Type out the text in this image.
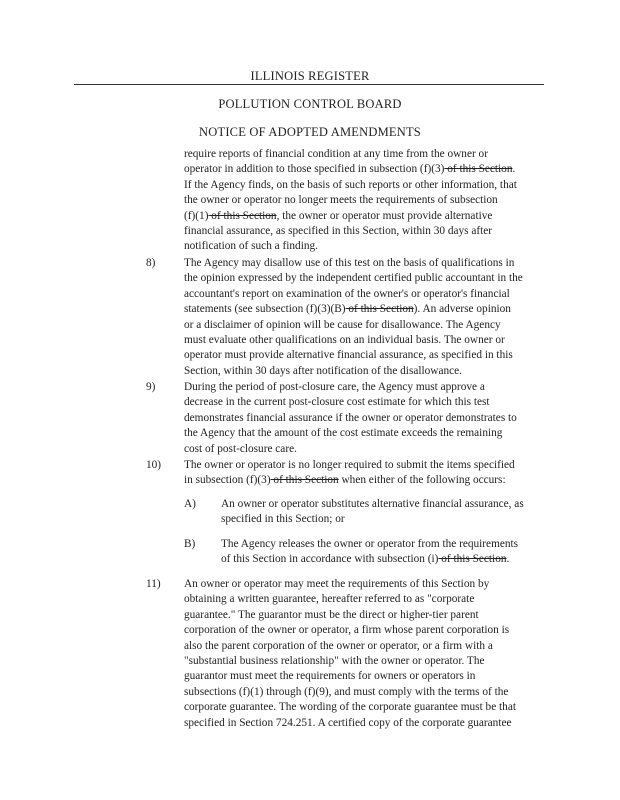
ILLINOIS REGISTER
POLLUTION CONTROL BOARD
NOTICE OF ADOPTED AMENDMENTS
require reports of financial condition at any time from the owner or
operator in addition to those specified in subsection (f)(3) of this Section.
If the Agency finds, on the basis of such reports or other information, that
the owner or operator no longer meets the requirements of subsection
(f)(1) of this Section, the owner or operator must provide alternative
financial assurance, as specified in this Section, within 30 days after
notification of such a finding.
8)	The Agency may disallow use of this test on the basis of qualifications in
the opinion expressed by the independent certified public accountant in the
accountant's report on examination of the owner's or operator's financial
statements (see subsection (f)(3)(B) of this Section). An adverse opinion
or a disclaimer of opinion will be cause for disallowance. The Agency
must evaluate other qualifications on an individual basis. The owner or
operator must provide alternative financial assurance, as specified in this
Section, within 30 days after notification of the disallowance.
9)	During the period of post-closure care, the Agency must approve a
decrease in the current post-closure cost estimate for which this test
demonstrates financial assurance if the owner or operator demonstrates to
the Agency that the amount of the cost estimate exceeds the remaining
cost of post-closure care.
10) The owner or operator is no longer required to submit the items specified
in subsection (f)(3) of this Section when either of the following occurs:
A) An owner or operator substitutes alternative financial assurance, as
specified in this Section; or
B) The Agency releases the owner or operator from the requirements
of this Section in accordance with subsection (i) of this Section.
11) An owner or operator may meet the requirements of this Section by
obtaining a written guarantee, hereafter referred to as "corporate
guarantee." The guarantor must be the direct or higher-tier parent
corporation of the owner or operator, a firm whose parent corporation is
also the parent corporation of the owner or operator, or a firm with a
"substantial business relationship" with the owner or operator. The
guarantor must meet the requirements for owners or operators in
subsections (f)(1) through (f)(9), and must comply with the terms of the
corporate guarantee. The wording of the corporate guarantee must be that
specified in Section 724.251. A certified copy of the corporate guarantee
